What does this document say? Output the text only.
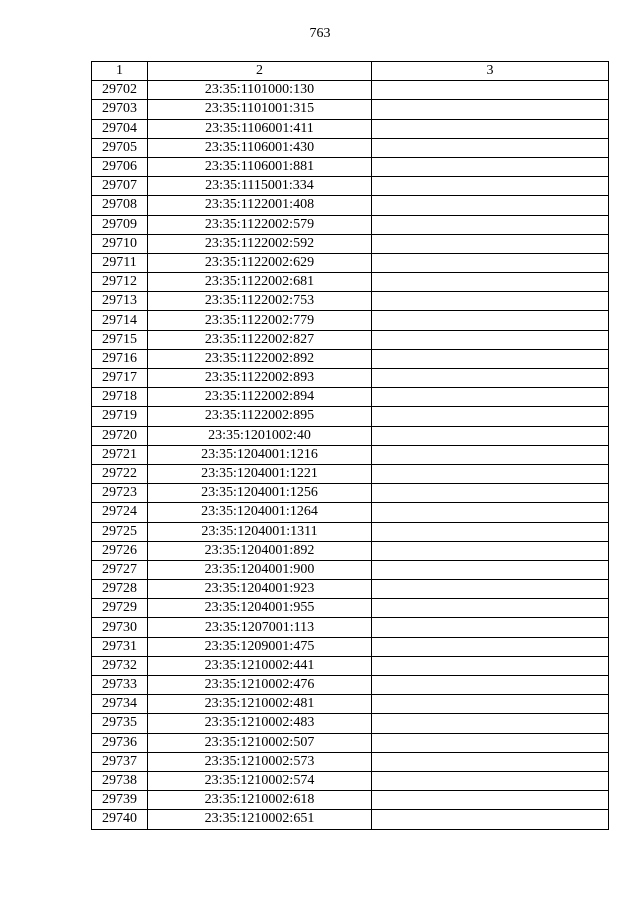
763
1	2	3
29702	23:35:1101000:130	
29703	23:35:1101001:315	
29704	23:35:1106001:411	
29705	23:35:1106001:430	
29706	23:35:1106001:881	
29707	23:35:1115001:334	
29708	23:35:1122001:408	
29709	23:35:1122002:579	
29710	23:35:1122002:592	
29711	23:35:1122002:629	
29712	23:35:1122002:681	
29713	23:35:1122002:753	
29714	23:35:1122002:779	
29715	23:35:1122002:827	
29716	23:35:1122002:892	
29717	23:35:1122002:893	
29718	23:35:1122002:894	
29719	23:35:1122002:895	
29720	23:35:1201002:40	
29721	23:35:1204001:1216	
29722	23:35:1204001:1221	
29723	23:35:1204001:1256	
29724	23:35:1204001:1264	
29725	23:35:1204001:1311	
29726	23:35:1204001:892	
29727	23:35:1204001:900	
29728	23:35:1204001:923	
29729	23:35:1204001:955	
29730	23:35:1207001:113	
29731	23:35:1209001:475	
29732	23:35:1210002:441	
29733	23:35:1210002:476	
29734	23:35:1210002:481	
29735	23:35:1210002:483	
29736	23:35:1210002:507	
29737	23:35:1210002:573	
29738	23:35:1210002:574	
29739	23:35:1210002:618	
29740	23:35:1210002:651	
